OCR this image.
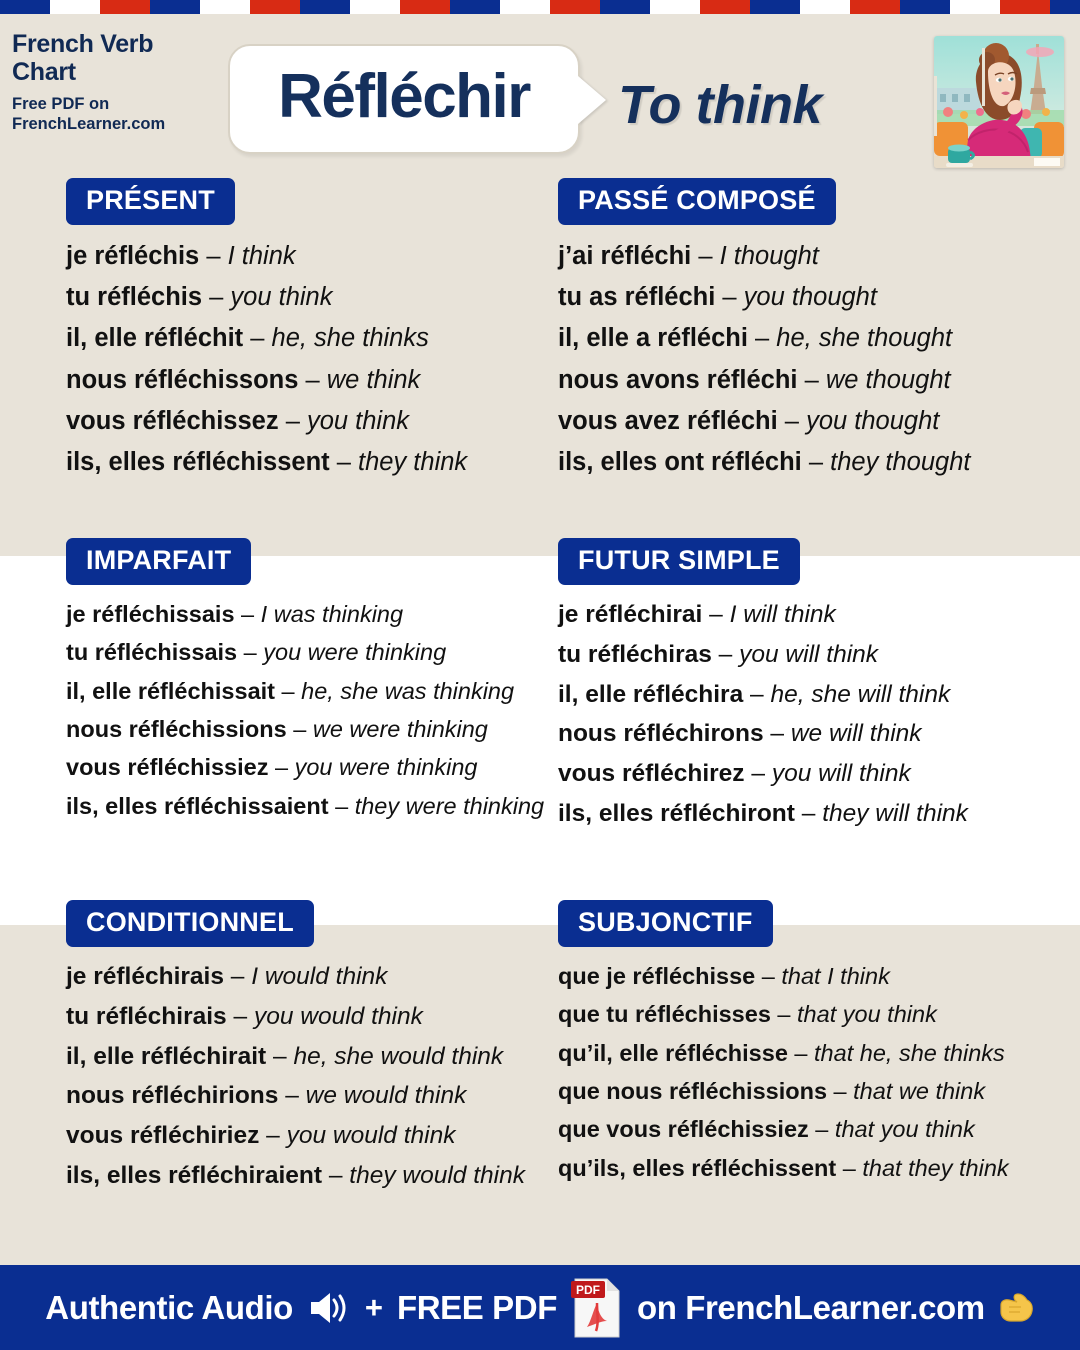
French Verb Chart
Free PDF on FrenchLearner.com	Réfléchir To think
PRÉSENT
je réfléchis – I think
tu réfléchis – you think
il, elle réfléchit – he, she thinks
nous réfléchissons – we think
vous réfléchissez – you think
ils, elles réfléchissent – they think
PASSÉ COMPOSÉ
j’ai réfléchi – I thought
tu as réfléchi – you thought
il, elle a réfléchi – he, she thought
nous avons réfléchi – we thought
vous avez réfléchi – you thought
ils, elles ont réfléchi – they thought
IMPARFAIT
je réfléchissais – I was thinking
tu réfléchissais – you were thinking
il, elle réfléchissait – he, she was thinking
nous réfléchissions – we were thinking
vous réfléchissiez – you were thinking
ils, elles réfléchissaient – they were thinking
FUTUR SIMPLE
je réfléchirai – I will think
tu réfléchiras – you will think
il, elle réfléchira – he, she will think
nous réfléchirons – we will think
vous réfléchirez – you will think
ils, elles réfléchiront – they will think
CONDITIONNEL
je réfléchirais – I would think
tu réfléchirais – you would think
il, elle réfléchirait – he, she would think
nous réfléchirions – we would think
vous réfléchiriez – you would think
ils, elles réfléchiraient – they would think
SUBJONCTIF
que je réfléchisse – that I think
que tu réfléchisses – that you think
qu’il, elle réfléchisse – that he, she thinks
que nous réfléchissions – that we think
que vous réfléchissiez – that you think
qu’ils, elles réfléchissent – that they think
Authentic Audio + FREE PDF PDF on FrenchLearner.com
